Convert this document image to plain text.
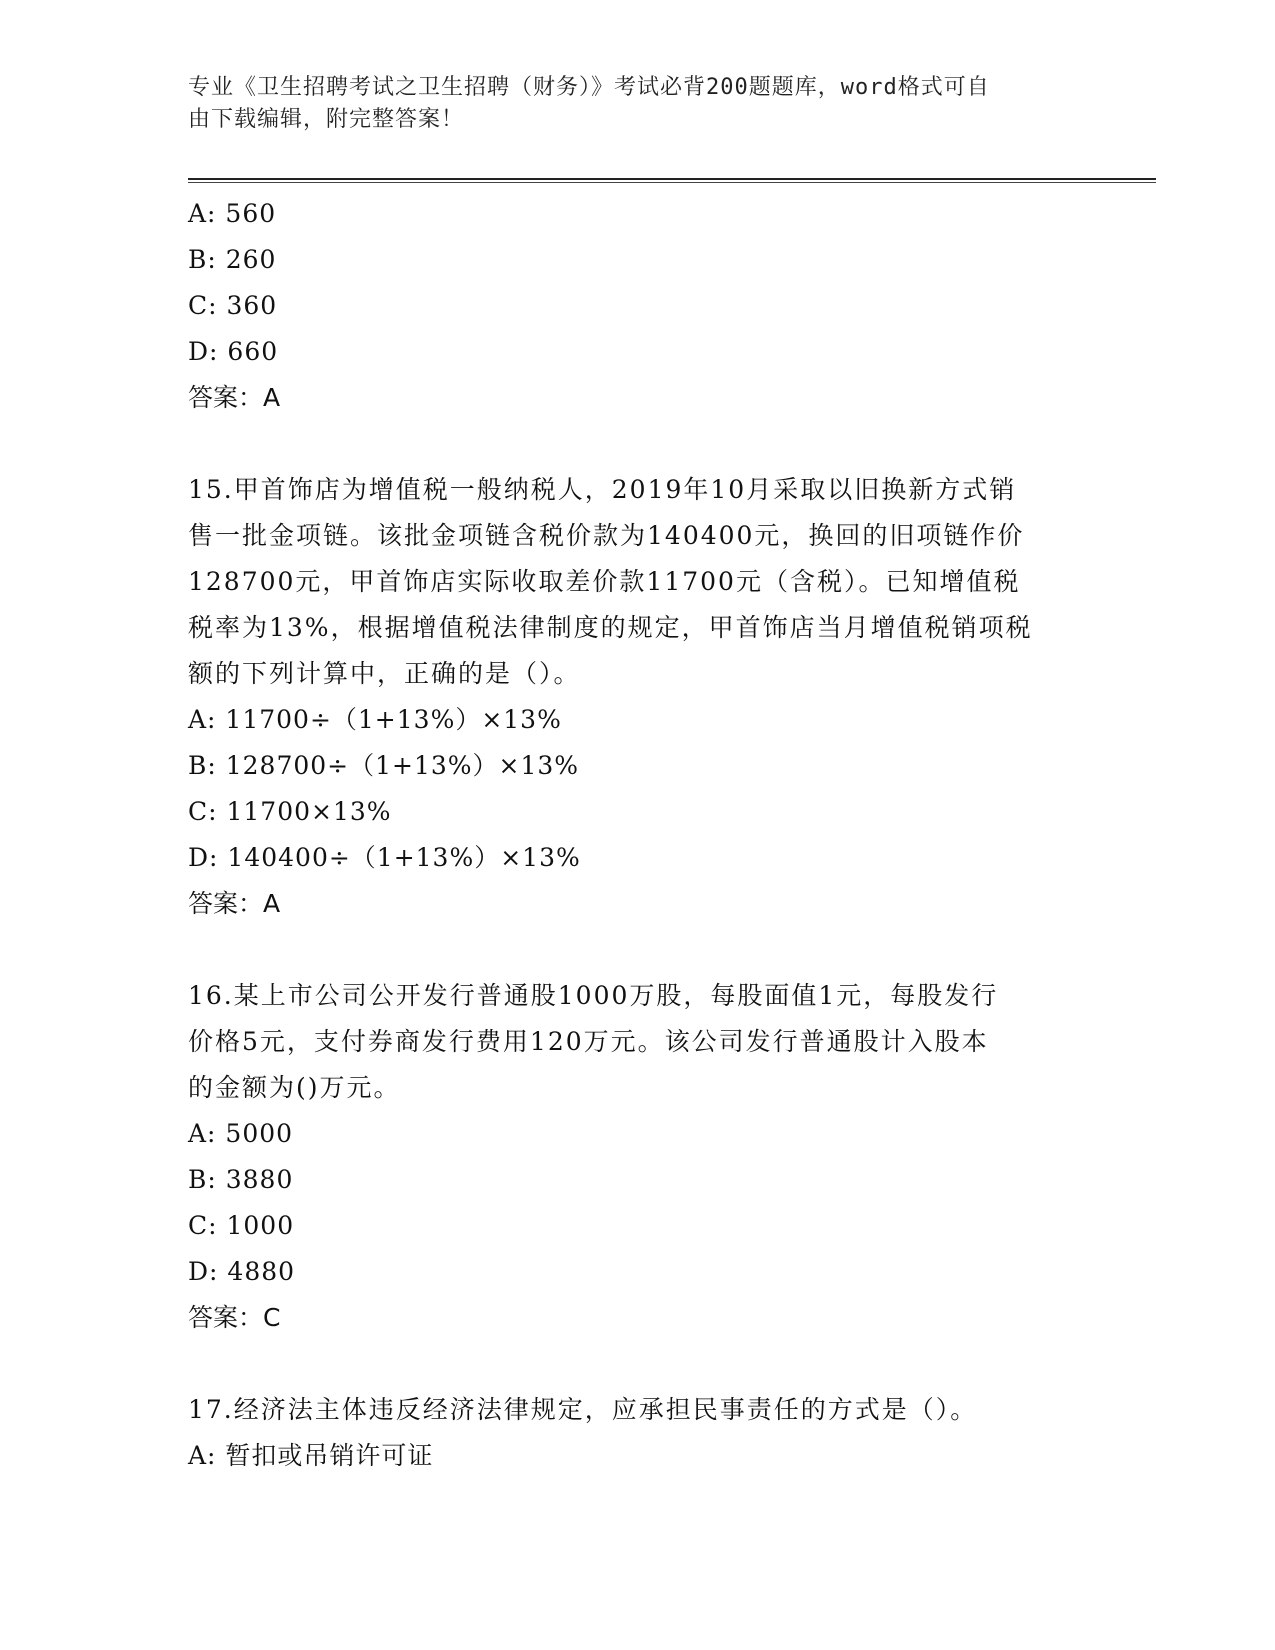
专业《卫生招聘考试之卫生招聘（财务）》考试必背200题题库，word格式可自
由下载编辑，附完整答案！
A: 560
B: 260
C: 360
D: 660
答案：A
15.甲首饰店为增值税一般纳税人，2019年10月采取以旧换新方式销
售一批金项链。该批金项链含税价款为140400元，换回的旧项链作价
128700元，甲首饰店实际收取差价款11700元（含税）。已知增值税
税率为13%，根据增值税法律制度的规定，甲首饰店当月增值税销项税
额的下列计算中，正确的是（）。
A: 11700÷（1+13%）×13%
B: 128700÷（1+13%）×13%
C: 11700×13%
D: 140400÷（1+13%）×13%
答案：A
16.某上市公司公开发行普通股1000万股，每股面值1元，每股发行
价格5元，支付券商发行费用120万元。该公司发行普通股计入股本
的金额为()万元。
A: 5000
B: 3880
C: 1000
D: 4880
答案：C
17.经济法主体违反经济法律规定，应承担民事责任的方式是（）。
A: 暂扣或吊销许可证
